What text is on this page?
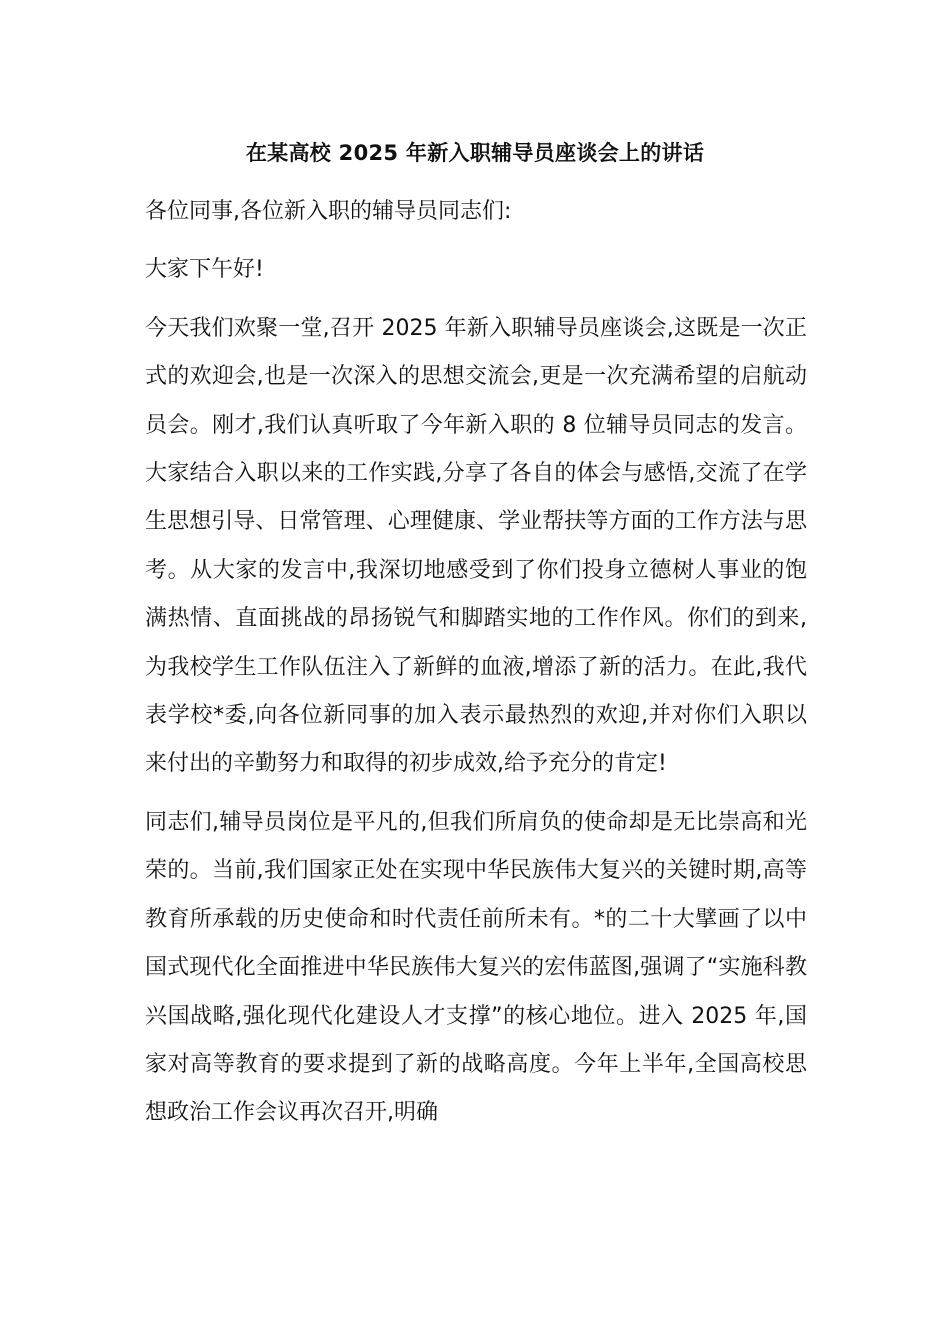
在某高校 2025 年新入职辅导员座谈会上的讲话

各位同事,各位新入职的辅导员同志们:

大家下午好!

今天我们欢聚一堂,召开 2025 年新入职辅导员座谈会,这既是一次正式的欢迎会,也是一次深入的思想交流会,更是一次充满希望的启航动员会。刚才,我们认真听取了今年新入职的 8 位辅导员同志的发言。大家结合入职以来的工作实践,分享了各自的体会与感悟,交流了在学生思想引导、日常管理、心理健康、学业帮扶等方面的工作方法与思考。从大家的发言中,我深切地感受到了你们投身立德树人事业的饱满热情、直面挑战的昂扬锐气和脚踏实地的工作作风。你们的到来,为我校学生工作队伍注入了新鲜的血液,增添了新的活力。在此,我代表学校*委,向各位新同事的加入表示最热烈的欢迎,并对你们入职以来付出的辛勤努力和取得的初步成效,给予充分的肯定!

同志们,辅导员岗位是平凡的,但我们所肩负的使命却是无比崇高和光荣的。当前,我们国家正处在实现中华民族伟大复兴的关键时期,高等教育所承载的历史使命和时代责任前所未有。*的二十大擘画了以中国式现代化全面推进中华民族伟大复兴的宏伟蓝图,强调了“实施科教兴国战略,强化现代化建设人才支撑”的核心地位。进入 2025 年,国家对高等教育的要求提到了新的战略高度。今年上半年,全国高校思想政治工作会议再次召开,明确
